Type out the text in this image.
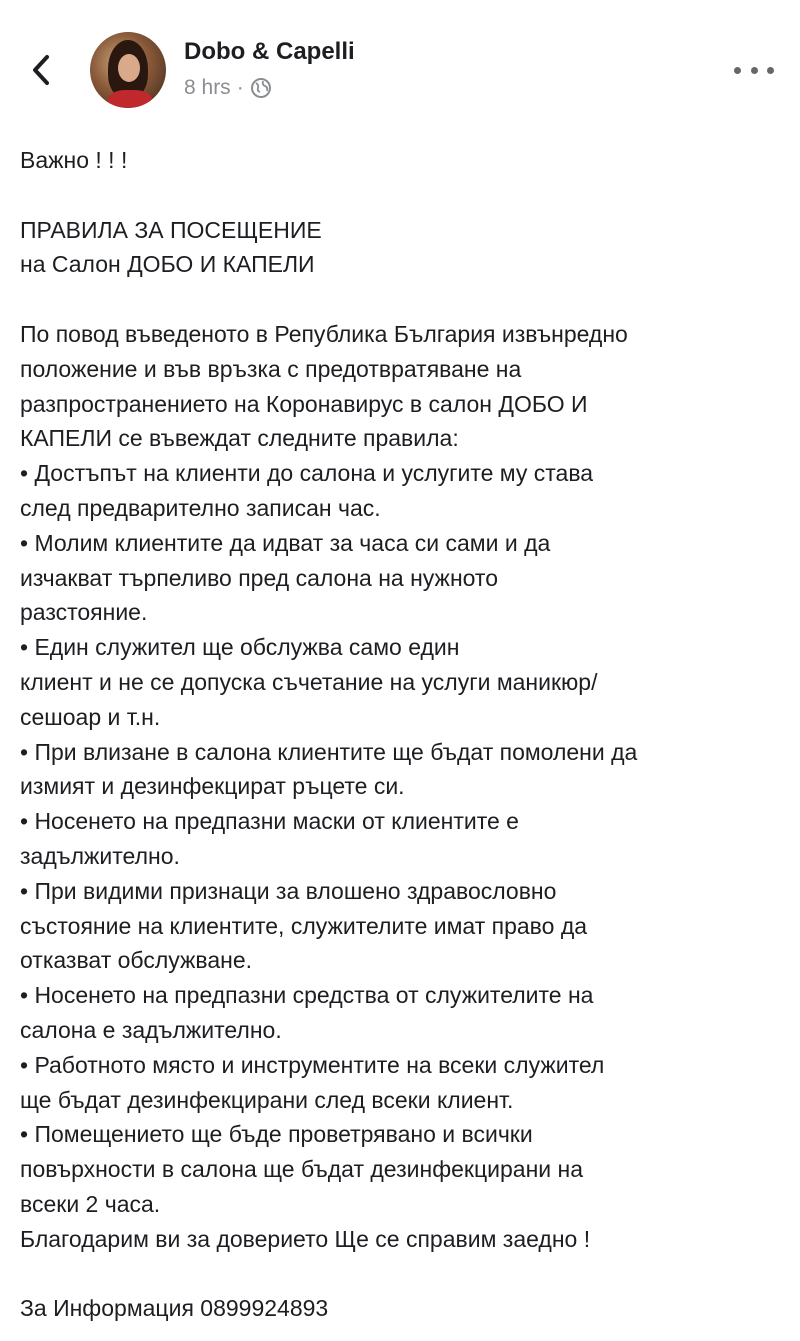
Dobo & Capelli
8 hrs ·
Важно ! ! !
ПРАВИЛА ЗА ПОСЕЩЕНИЕ
на Салон ДОБО И КАПЕЛИ
По повод въведеното в Република България извънредно
положение и във връзка с предотвратяване на
разпространението на Коронавирус в салон ДОБО И
КАПЕЛИ се въвеждат следните правила:
• Достъпът на клиенти до салона и услугите му става
след предварително записан час.
• Молим клиентите да идват за часа си сами и да
изчакват търпеливо пред салона на нужното
разстояние.
• Един служител ще обслужва само един
клиент и не се допуска съчетание на услуги маникюр/
сешоар и т.н.
• При влизане в салона клиентите ще бъдат помолени да
измият и дезинфекцират ръцете си.
• Носенето на предпазни маски от клиентите е
задължително.
• При видими признаци за влошено здравословно
състояние на клиентите, служителите имат право да
отказват обслужване.
• Носенето на предпазни средства от служителите на
салона е задължително.
• Работното място и инструментите на всеки служител
ще бъдат дезинфекцирани след всеки клиент.
• Помещението ще бъде проветрявано и всички
повърхности в салона ще бъдат дезинфекцирани на
всеки 2 часа.
Благодарим ви за доверието Ще се справим заедно !
За Информация 0899924893
